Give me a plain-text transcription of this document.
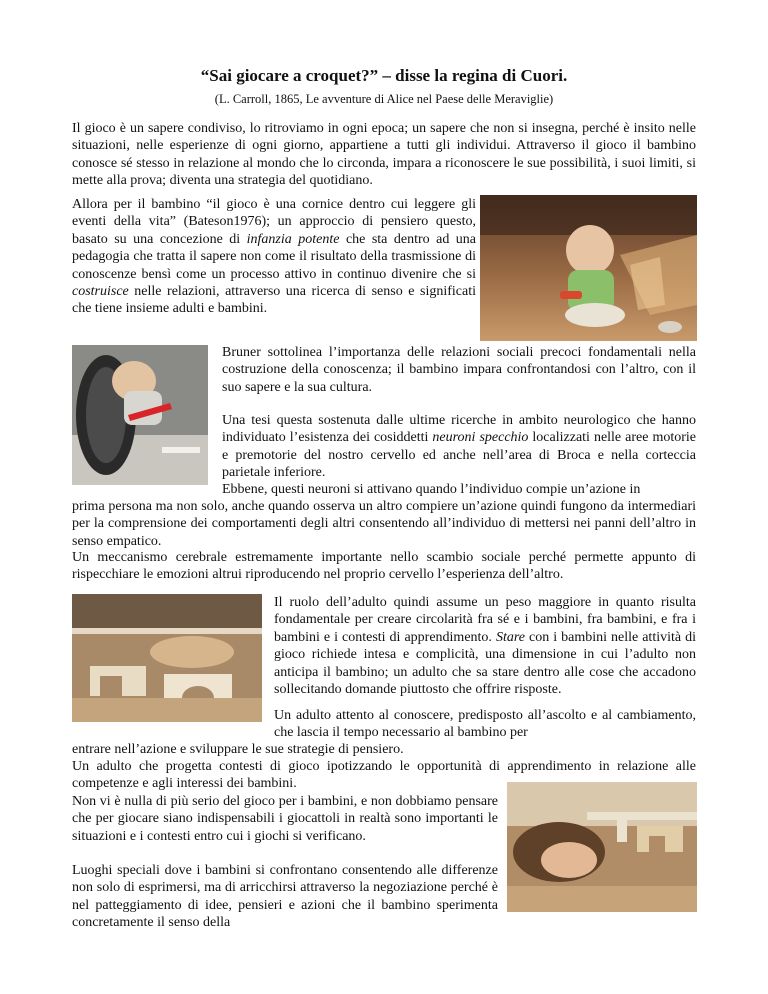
“Sai giocare a croquet?” – disse la regina di Cuori.
(L. Carroll, 1865, Le avventure di Alice nel Paese delle Meraviglie)

Il gioco è un sapere condiviso, lo ritroviamo in ogni epoca; un sapere che non si insegna, perché è insito nelle situazioni, nelle esperienze di ogni giorno, appartiene a tutti gli individui. Attraverso il gioco il bambino conosce sé stesso in relazione al mondo che lo circonda, impara a riconoscere le sue possibilità, i suoi limiti, si mette alla prova; diventa una strategia del quotidiano.

Allora per il bambino “il gioco è una cornice dentro cui leggere gli eventi della vita” (Bateson1976); un approccio di pensiero questo, basato su una concezione di infanzia potente che sta dentro ad una pedagogia che tratta il sapere non come il risultato della trasmissione di conoscenze bensì come un processo attivo in continuo divenire che si costruisce nelle relazioni, attraverso una ricerca di senso e significati che tiene insieme adulti e bambini.

Bruner sottolinea l’importanza delle relazioni sociali precoci fondamentali nella costruzione della conoscenza; il bambino impara confrontandosi con l’altro, con il suo sapere e la sua cultura.

Una tesi questa sostenuta dalle ultime ricerche in ambito neurologico che hanno individuato l’esistenza dei cosiddetti neuroni specchio localizzati nelle aree motorie e premotorie del nostro cervello ed anche nell’area di Broca e nella corteccia parietale inferiore.

Ebbene, questi neuroni si attivano quando l’individuo compie un’azione in

prima persona ma non solo, anche quando osserva un altro compiere un’azione quindi fungono da intermediari per la comprensione dei comportamenti degli altri consentendo all’individuo di mettersi nei panni dell’altro in senso empatico.

Un meccanismo cerebrale estremamente importante nello scambio sociale perché permette appunto di rispecchiare le emozioni altrui riproducendo nel proprio cervello l’esperienza dell’altro.

Il ruolo dell’adulto quindi assume un peso maggiore in quanto risulta fondamentale per creare circolarità fra sé e i bambini, fra bambini, e fra i bambini e i contesti di apprendimento. Stare con i bambini nelle attività di gioco richiede intesa e complicità, una dimensione in cui l’adulto non anticipa il bambino; un adulto che sa stare dentro alle cose che accadono sollecitando domande piuttosto che offrire risposte.

Un adulto attento al conoscere, predisposto all’ascolto e al cambiamento, che lascia il tempo necessario al bambino per

entrare nell’azione e sviluppare le sue strategie di pensiero.

Un adulto che progetta contesti di gioco ipotizzando le opportunità di apprendimento in relazione alle competenze e agli interessi dei bambini.

Non vi è nulla di più serio del gioco per i bambini, e non dobbiamo pensare che per giocare siano indispensabili i giocattoli in realtà sono importanti le situazioni e i contesti entro cui i giochi si verificano.

Luoghi speciali dove i bambini si confrontano consentendo alle differenze non solo di esprimersi, ma di arricchirsi attraverso la negoziazione perché è nel patteggiamento di idee, pensieri e azioni che il bambino sperimenta concretamente il senso della
